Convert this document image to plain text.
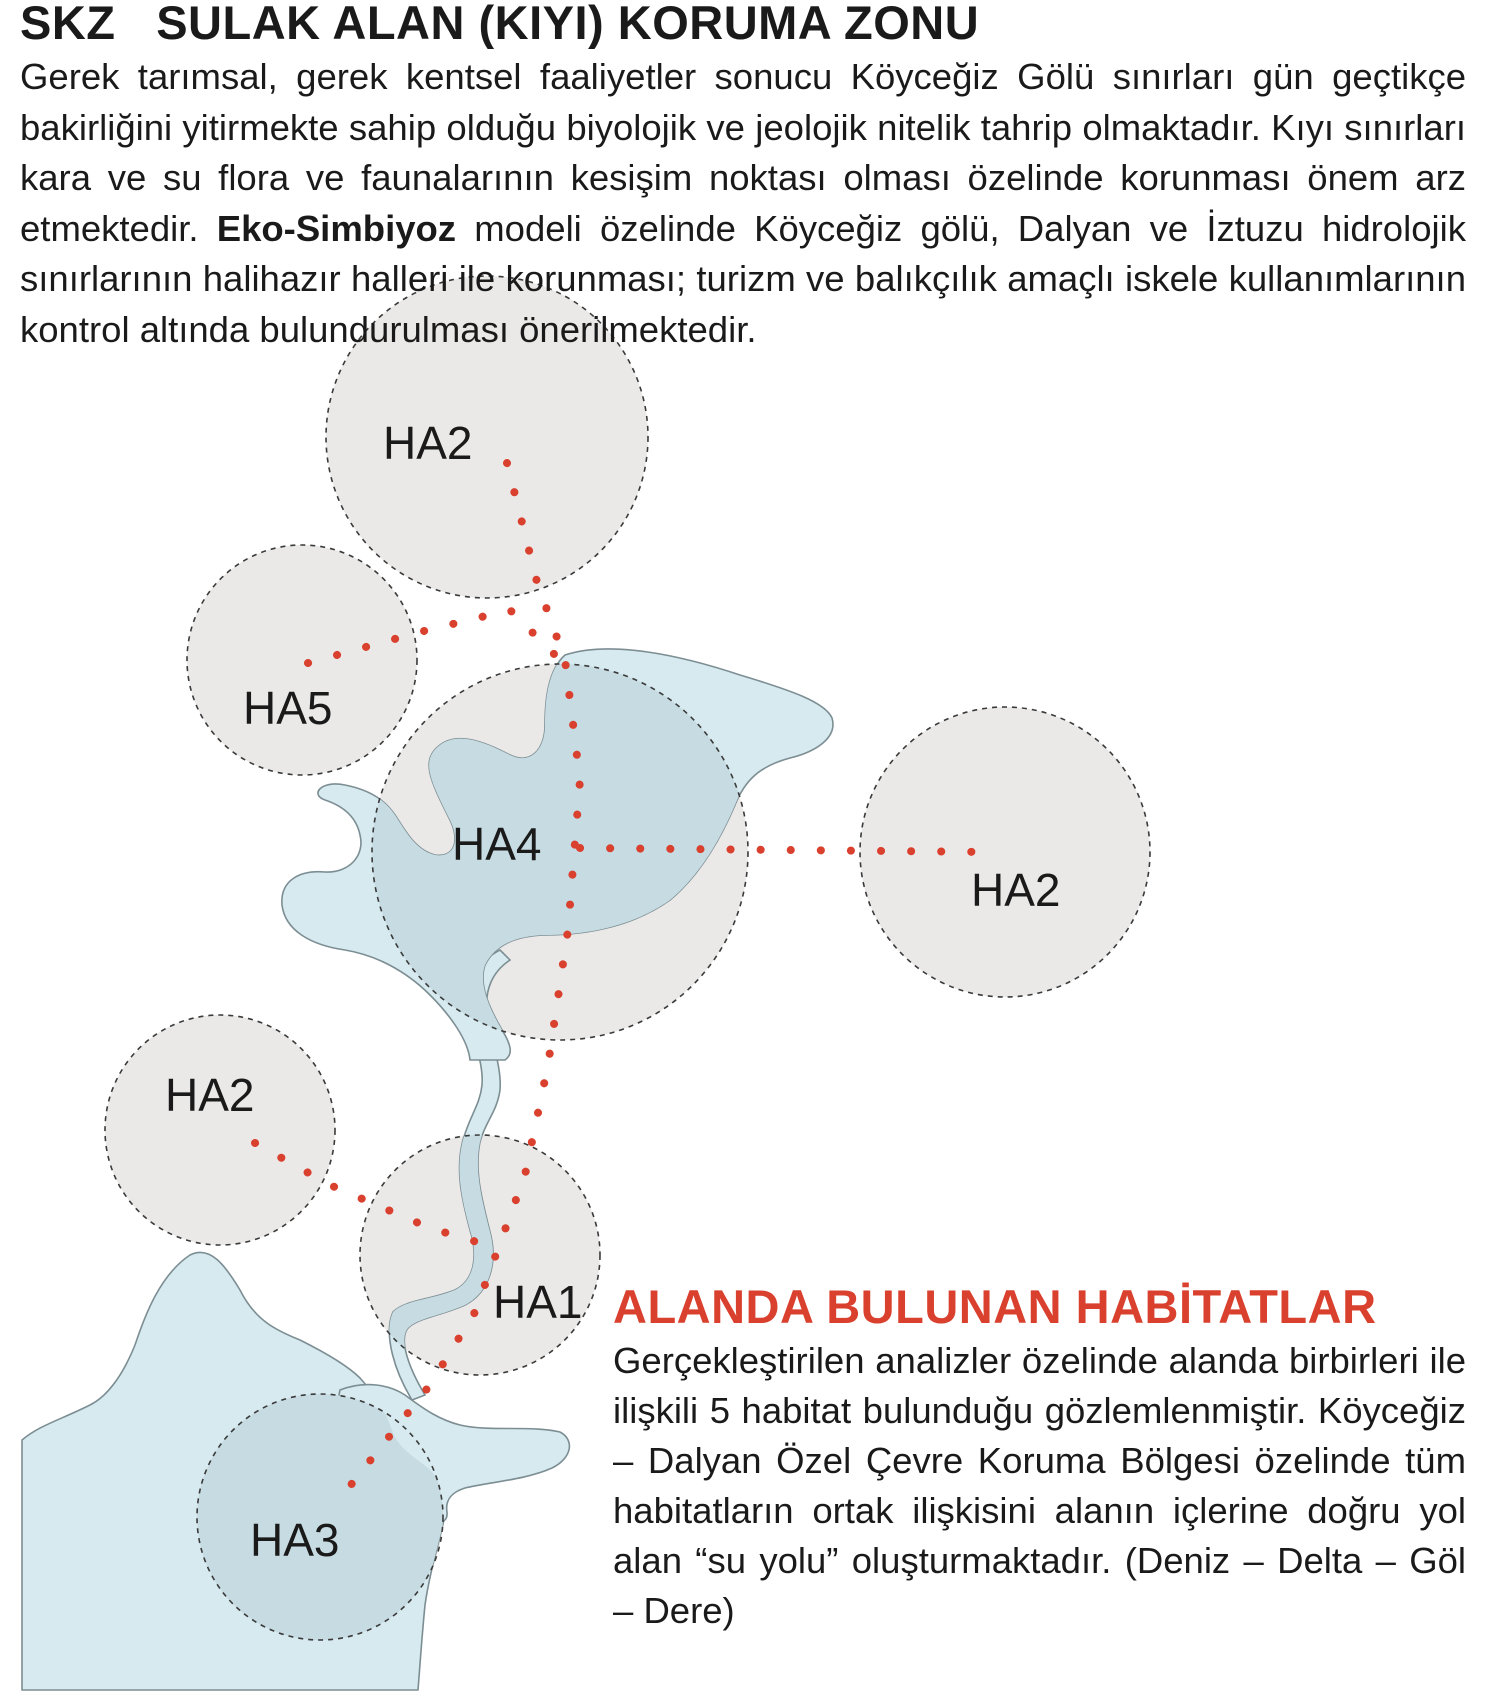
HA2
HA5
HA4
HA2
HA2
HA1
HA3
SKZ SULAK ALAN (KIYI) KORUMA ZONU

Gerek tarımsal, gerek kentsel faaliyetler sonucu Köyceğiz Gölü sınırları gün geçtikçe bakirliğini yitirmekte sahip olduğu biyolojik ve jeolojik nitelik tahrip olmaktadır. Kıyı sınırları kara ve su flora ve faunalarının kesişim noktası olması özelinde korunması önem arz etmektedir. Eko-Simbiyoz modeli özelinde Köyceğiz gölü, Dalyan ve İztuzu hidrolojik sınırlarının halihazır halleri ile korunması; turizm ve balıkçılık amaçlı iskele kullanımlarının kontrol altında bulundurulması önerilmektedir.

ALANDA BULUNAN HABİTATLAR

Gerçekleştirilen analizler özelinde alanda birbirleri ile ilişkili 5 habitat bulunduğu gözlemlenmiştir. Köyceğiz – Dalyan Özel Çevre Koruma Bölgesi özelinde tüm habitatların ortak ilişkisini alanın içlerine doğru yol alan “su yolu” oluşturmaktadır. (Deniz – Delta – Göl – Dere)
